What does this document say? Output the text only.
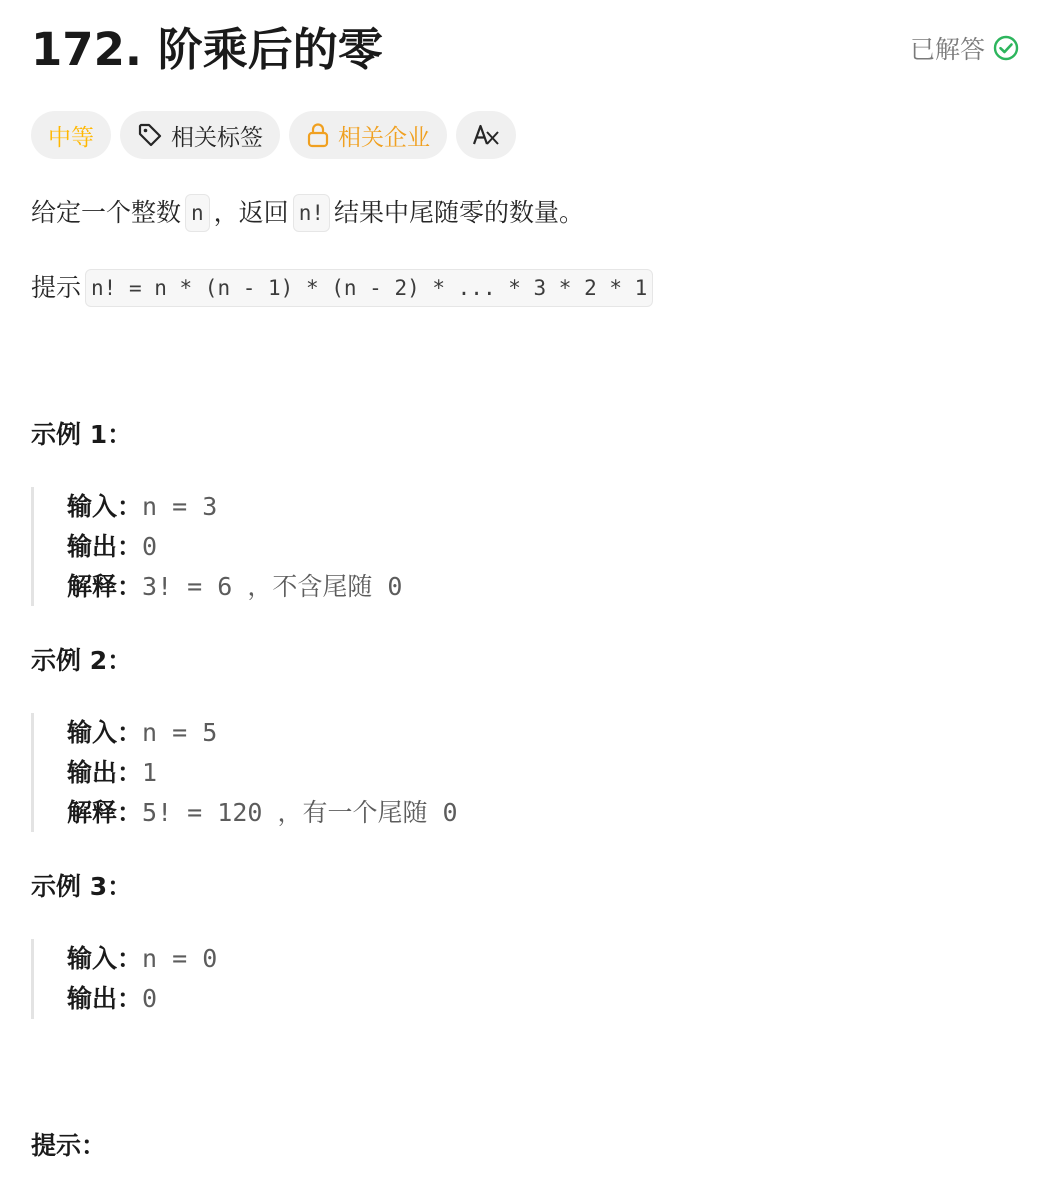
172. 阶乘后的零	已解答
中等	相关标签	相关企业
给定一个整数 n ，返回 n! 结果中尾随零的数量。
提示 n! = n * (n - 1) * (n - 2) * ... * 3 * 2 * 1
示例 1：
输入：n = 3
输出：0
解释：3! = 6 ，不含尾随 0
示例 2：
输入：n = 5
输出：1
解释：5! = 120 ，有一个尾随 0
示例 3：
输入：n = 0
输出：0
提示：
